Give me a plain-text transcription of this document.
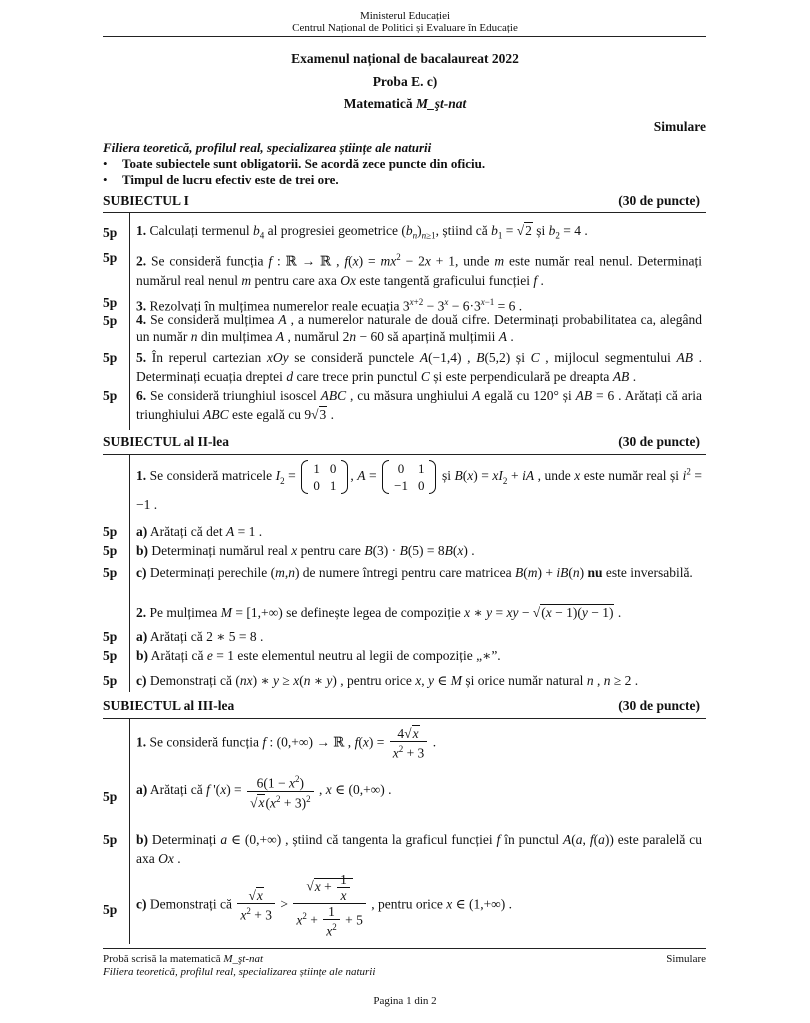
Ministerul Educației
Centrul Național de Politici și Evaluare în Educație
Examenul național de bacalaureat 2022
Proba E. c)
Matematică M_şt-nat
Simulare
Filiera teoretică, profilul real, specializarea științe ale naturii
• Toate subiectele sunt obligatorii. Se acordă zece puncte din oficiu.
• Timpul de lucru efectiv este de trei ore.
SUBIECTUL I	(30 de puncte)
5p	1. Calculați termenul $b_4$ al progresiei geometrice $(b_n)_{n\ge 1}$, știind că $b_1 = √2$ și $b_2 = 4$ .
5p	2. Se consideră funcția f : ℝ → ℝ , $f(x) = mx^2 - 2x + 1$, unde m este număr real nenul. Determinați numărul real nenul m pentru care axa Ox este tangentă graficului funcției f .
5p	3. Rezolvați în mulțimea numerelor reale ecuația $3^{x+2} - 3^x - 6\cdot 3^{x-1} = 6$ .
5p	4. Se consideră mulțimea A , a numerelor naturale de două cifre. Determinați probabilitatea ca, alegând un număr n din mulțimea A , numărul 2n − 60 să aparțină mulțimii A .
5p	5. În reperul cartezian xOy se consideră punctele A(−1,4) , B(5,2) și C , mijlocul segmentului AB . Determinați ecuația dreptei d care trece prin punctul C și este perpendiculară pe dreapta AB .
5p	6. Se consideră triunghiul isoscel ABC , cu măsura unghiului A egală cu 120° și AB = 6 . Arătați că aria triunghiului ABC este egală cu 9√3 .
SUBIECTUL al II-lea	(30 de puncte)
1. Se consideră matricele $I_2 = 1$	0
0	1
, A = 0	1
−1	0
și $B(x) = xI_2$ + iA , unde x este număr real și $i^2 = -1$ .
5p	a) Arătați că det A = 1 .
5p	b) Determinați numărul real x pentru care B(3) · B(5) = 8B(x) .
5p	c) Determinați perechile (m,n) de numere întregi pentru care matricea B(m) + iB(n) nu este inversabilă.
2. Pe mulțimea M = [1,+∞) se definește legea de compoziție x ∗ y = xy − √(x − 1)(y − 1) .
5p	a) Arătați că 2 ∗ 5 = 8 .
5p	b) Arătați că e = 1 este elementul neutru al legii de compoziție „∗”.
5p	c) Demonstrați că (nx) ∗ y ≥ x(n ∗ y) , pentru orice x, y ∈ M și orice număr natural n , n ≥ 2 .
SUBIECTUL al III-lea	(30 de puncte)
1. Se consideră funcția f : (0,+∞) → ℝ , $f(x) = \frac{4√x}{x^2 + 3}$ .
5p	a) Arătați că f '$(x) = \frac{6(1 - x^2)}{√x(x^2 + 3)^2}$ , x ∈ (0,+∞) .
5p	b) Determinați a ∈ (0,+∞) , știind că tangenta la graficul funcției f în punctul A(a, f(a)) este paralelă cu axa Ox .
5p	c) Demonstrați că $\frac{√x}{x^2 + 3} > \frac{√x + \frac{1}{x}}{x^2 + \frac{1}{x^2} + 5}$ , pentru orice x ∈ (1,+∞) .
Probă scrisă la matematică M_şt-nat	Simulare
Filiera teoretică, profilul real, specializarea științe ale naturii
Pagina 1 din 2
